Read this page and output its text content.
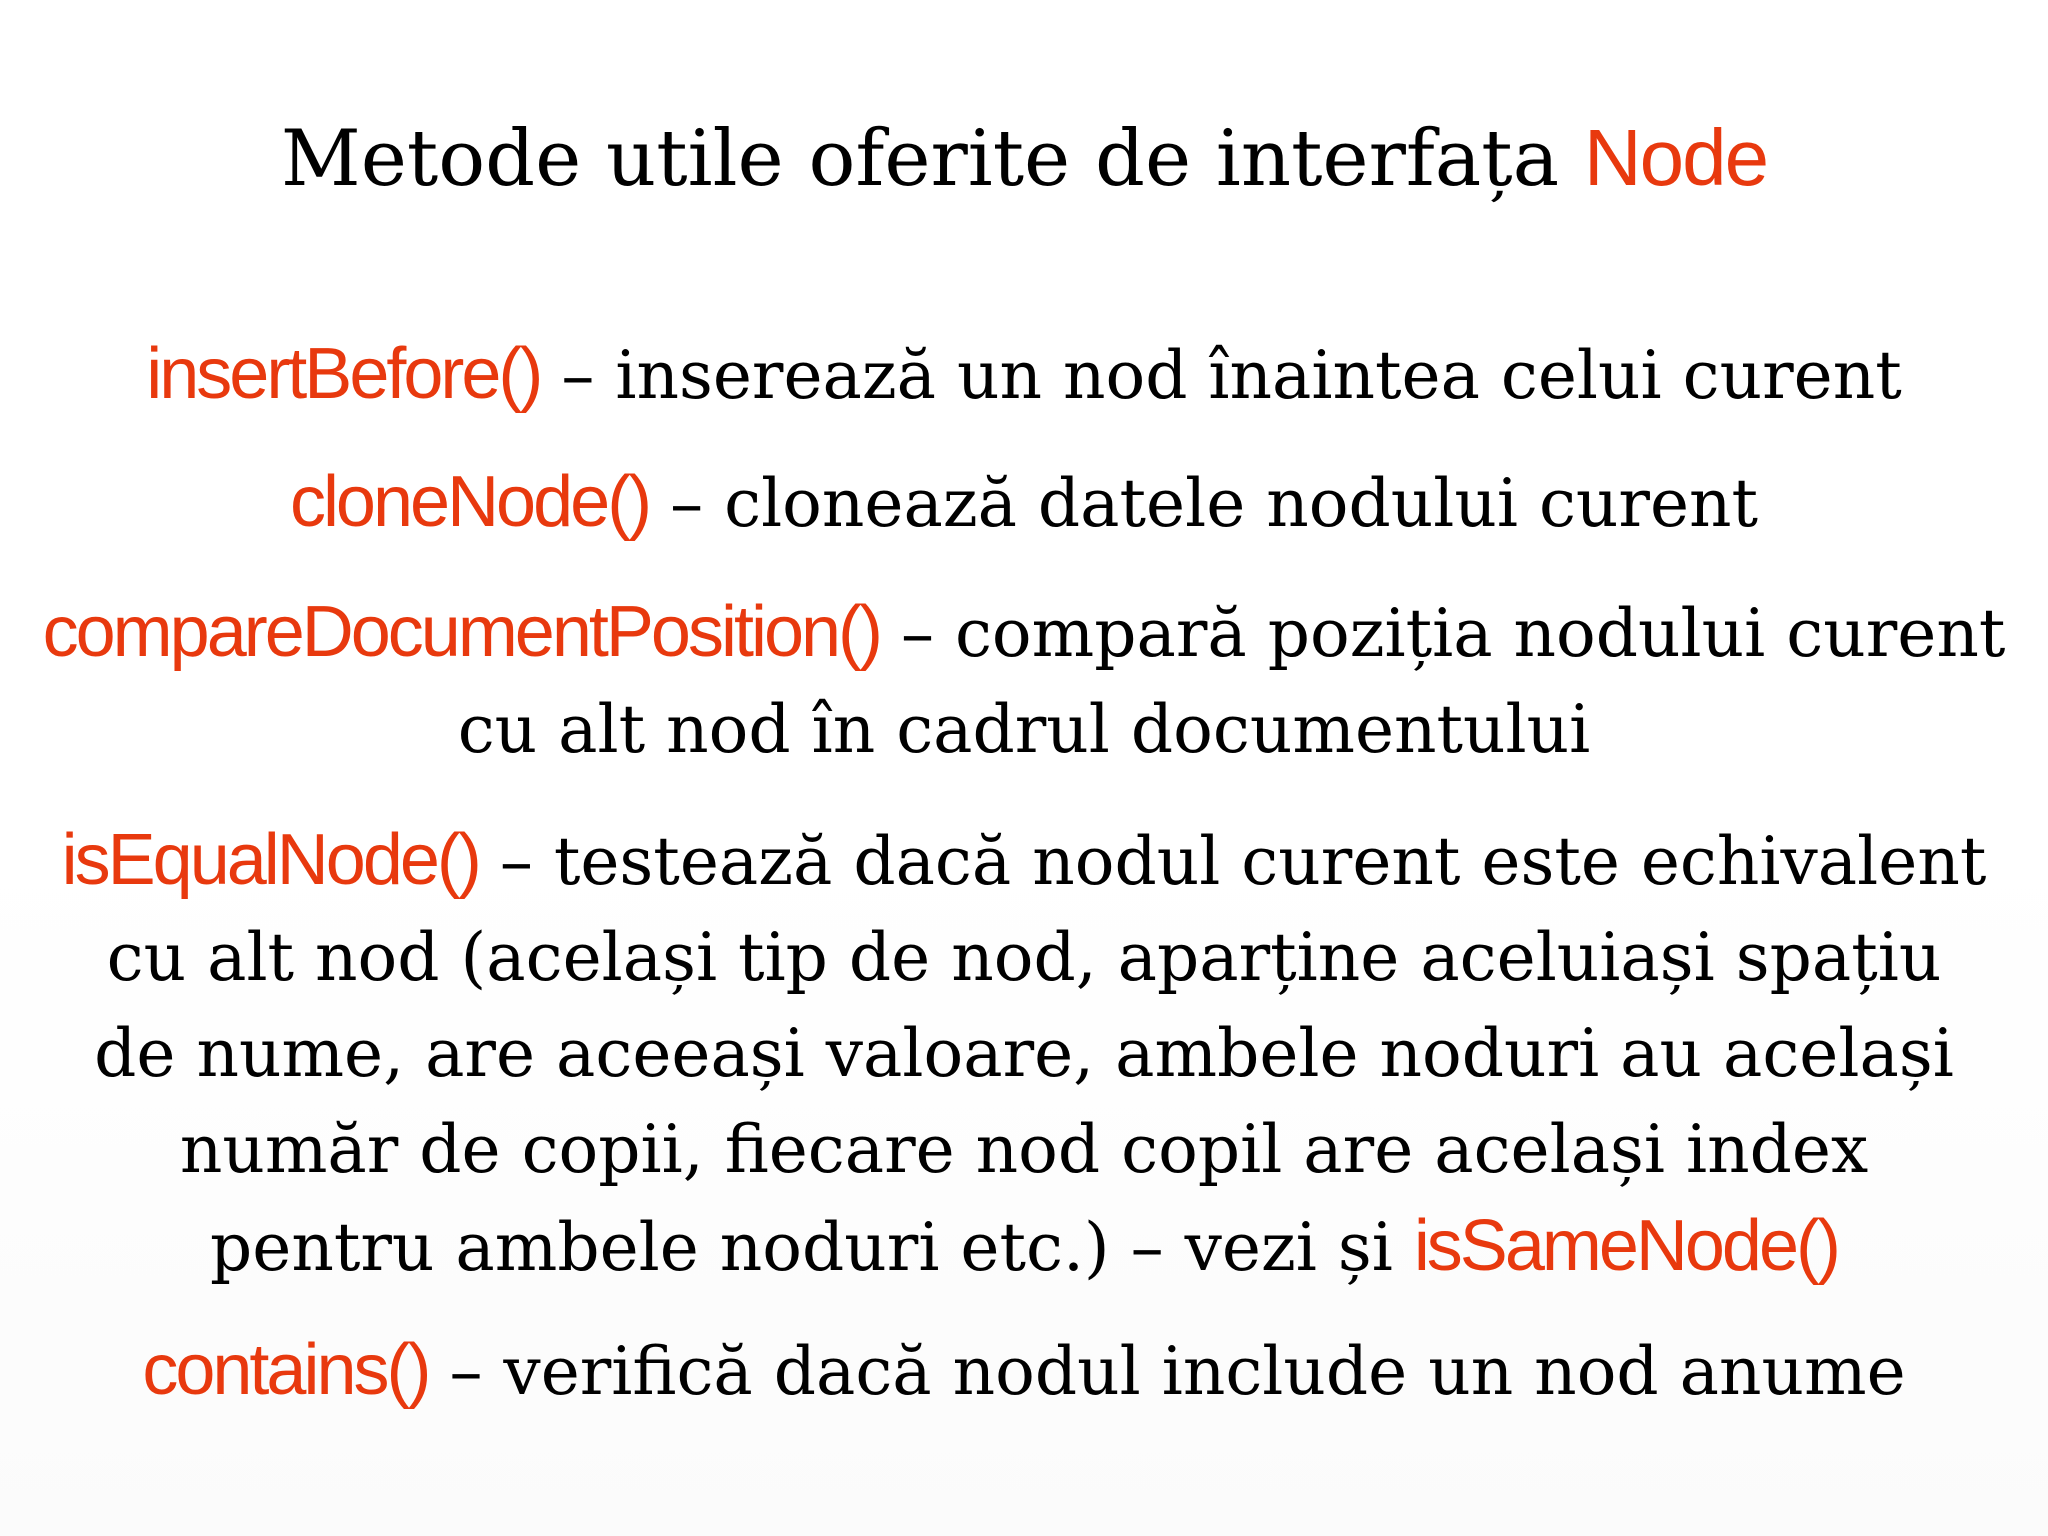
Metode utile oferite de interfața Node
insertBefore() – inserează un nod înaintea celui curent
cloneNode() – clonează datele nodului curent
compareDocumentPosition() – compară poziția nodului curent
cu alt nod în cadrul documentului
isEqualNode() – testează dacă nodul curent este echivalent
cu alt nod (același tip de nod, aparține aceluiași spațiu
de nume, are aceeași valoare, ambele noduri au același
număr de copii, fiecare nod copil are același index
pentru ambele noduri etc.) – vezi și isSameNode()
contains() – verifică dacă nodul include un nod anume
